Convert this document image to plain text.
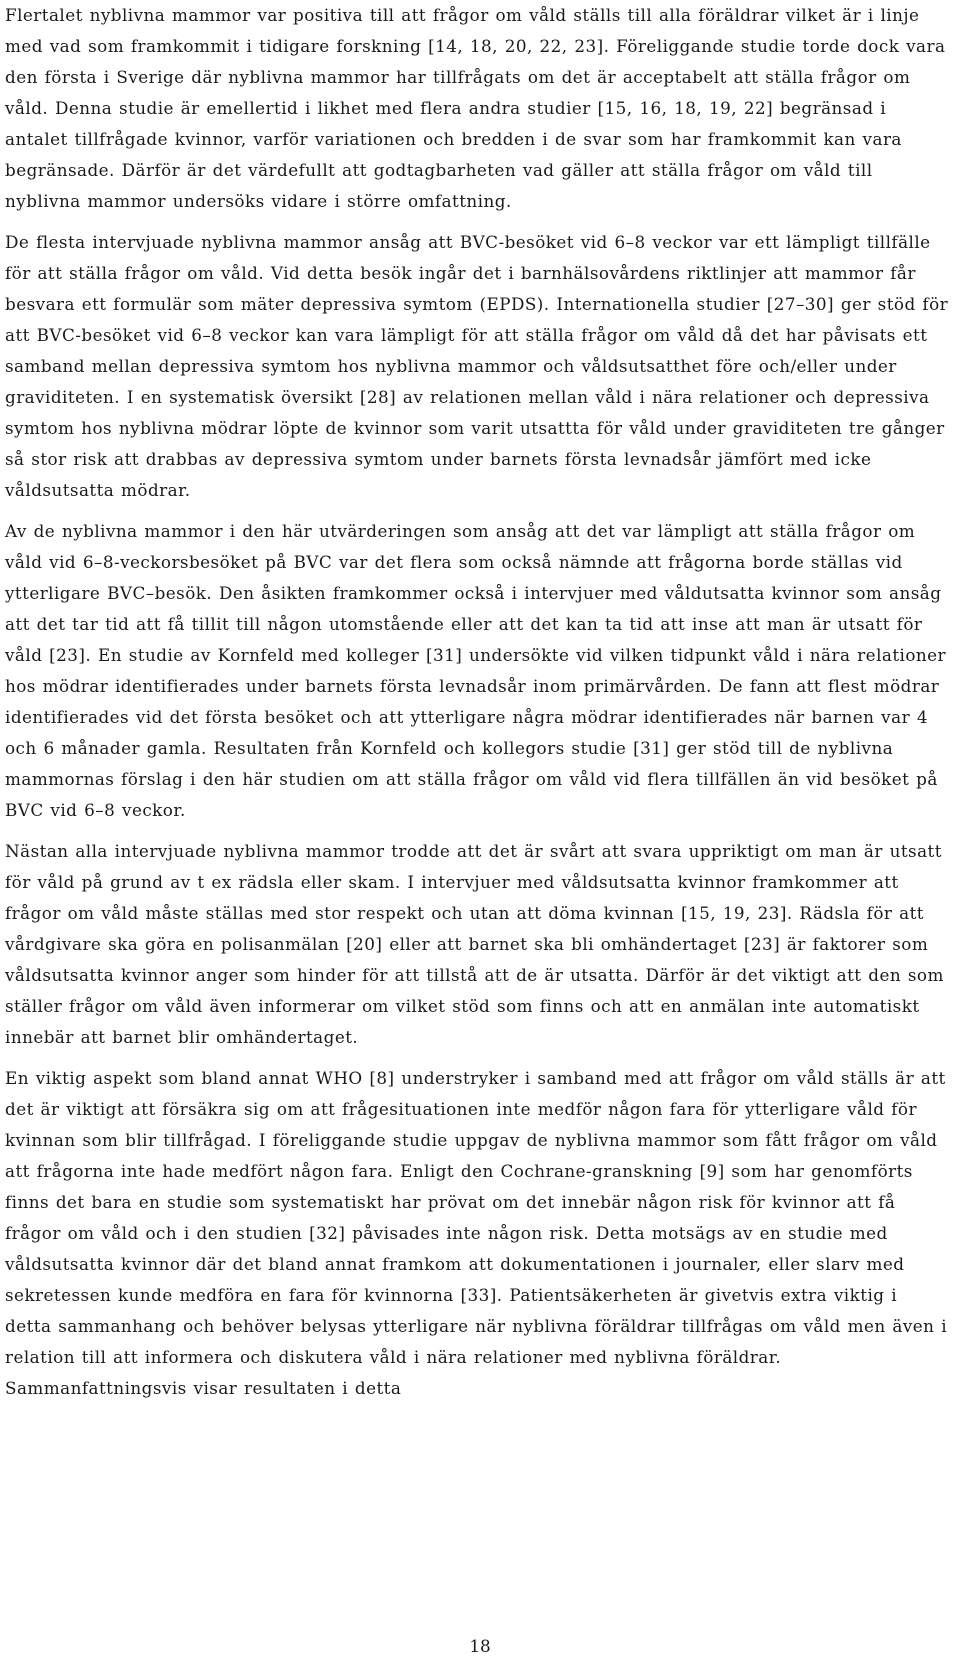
Flertalet nyblivna mammor var positiva till att frågor om våld ställs till alla föräldrar vilket är i linje med vad som framkommit i tidigare forskning [14, 18, 20, 22, 23]. Föreliggande studie torde dock vara den första i Sverige där nyblivna mammor har tillfrågats om det är acceptabelt att ställa frågor om våld. Denna studie är emellertid i likhet med flera andra studier [15, 16, 18, 19, 22] begränsad i antalet tillfrågade kvinnor, varför variationen och bredden i de svar som har framkommit kan vara begränsade. Därför är det värdefullt att godtagbarheten vad gäller att ställa frågor om våld till nyblivna mammor undersöks vidare i större omfattning.

De flesta intervjuade nyblivna mammor ansåg att BVC-besöket vid 6–8 veckor var ett lämpligt tillfälle för att ställa frågor om våld. Vid detta besök ingår det i barnhälsovårdens riktlinjer att mammor får besvara ett formulär som mäter depressiva symtom (EPDS). Internationella studier [27–30] ger stöd för att BVC-besöket vid 6–8 veckor kan vara lämpligt för att ställa frågor om våld då det har påvisats ett samband mellan depressiva symtom hos nyblivna mammor och våldsutsatthet före och/eller under graviditeten. I en systematisk översikt [28] av relationen mellan våld i nära relationer och depressiva symtom hos nyblivna mödrar löpte de kvinnor som varit utsattta för våld under graviditeten tre gånger så stor risk att drabbas av depressiva symtom under barnets första levnadsår jämfört med icke våldsutsatta mödrar.

Av de nyblivna mammor i den här utvärderingen som ansåg att det var lämpligt att ställa frågor om våld vid 6–8-veckorsbesöket på BVC var det flera som också nämnde att frågorna borde ställas vid ytterligare BVC–besök. Den åsikten framkommer också i intervjuer med våldutsatta kvinnor som ansåg att det tar tid att få tillit till någon utomstående eller att det kan ta tid att inse att man är utsatt för våld [23]. En studie av Kornfeld med kolleger [31] undersökte vid vilken tidpunkt våld i nära relationer hos mödrar identifierades under barnets första levnadsår inom primärvården. De fann att flest mödrar identifierades vid det första besöket och att ytterligare några mödrar identifierades när barnen var 4 och 6 månader gamla. Resultaten från Kornfeld och kollegors studie [31] ger stöd till de nyblivna mammornas förslag i den här studien om att ställa frågor om våld vid flera tillfällen än vid besöket på BVC vid 6–8 veckor.

Nästan alla intervjuade nyblivna mammor trodde att det är svårt att svara uppriktigt om man är utsatt för våld på grund av t ex rädsla eller skam. I intervjuer med våldsutsatta kvinnor framkommer att frågor om våld måste ställas med stor respekt och utan att döma kvinnan [15, 19, 23]. Rädsla för att vårdgivare ska göra en polisanmälan [20] eller att barnet ska bli omhändertaget [23] är faktorer som våldsutsatta kvinnor anger som hinder för att tillstå att de är utsatta. Därför är det viktigt att den som ställer frågor om våld även informerar om vilket stöd som finns och att en anmälan inte automatiskt innebär att barnet blir omhändertaget.

En viktig aspekt som bland annat WHO [8] understryker i samband med att frågor om våld ställs är att det är viktigt att försäkra sig om att frågesituationen inte medför någon fara för ytterligare våld för kvinnan som blir tillfrågad. I föreliggande studie uppgav de nyblivna mammor som fått frågor om våld att frågorna inte hade medfört någon fara. Enligt den Cochrane-granskning [9] som har genomförts finns det bara en studie som systematiskt har prövat om det innebär någon risk för kvinnor att få frågor om våld och i den studien [32] påvisades inte någon risk. Detta motsägs av en studie med våldsutsatta kvinnor där det bland annat framkom att dokumentationen i journaler, eller slarv med sekretessen kunde medföra en fara för kvinnorna [33]. Patientsäkerheten är givetvis extra viktig i detta sammanhang och behöver belysas ytterligare när nyblivna föräldrar tillfrågas om våld men även i relation till att informera och diskutera våld i nära relationer med nyblivna föräldrar. Sammanfattningsvis visar resultaten i detta

18
